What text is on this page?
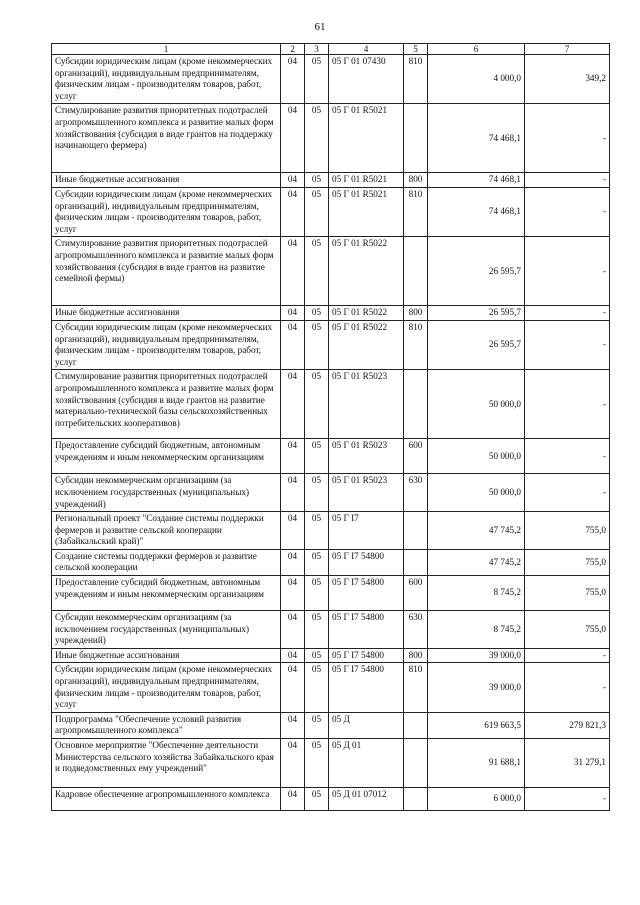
61
1	2	3	4	5	6	7
Субсидии юридическим лицам (кроме некоммерческих организаций), индивидуальным предпринимателям, физическим лицам - производителям товаров, работ, услуг	04	05	05 Г 01 07430	810	4 000,0	349,2
Стимулирование развития приоритетных подотраслей агропромышленного комплекса и развитие малых форм хозяйствования (субсидия в виде грантов на поддержку начинающего фермера)	04	05	05 Г 01 R5021		74 468,1	-
Иные бюджетные ассигнования	04	05	05 Г 01 R5021	800	74 468,1	-
Субсидии юридическим лицам (кроме некоммерческих организаций), индивидуальным предпринимателям, физическим лицам - производителям товаров, работ, услуг	04	05	05 Г 01 R5021	810	74 468,1	-
Стимулирование развития приоритетных подотраслей агропромышленного комплекса и развитие малых форм хозяйствования (субсидия в виде грантов на развитие семейной фермы)	04	05	05 Г 01 R5022		26 595,7	-
Иные бюджетные ассигнования	04	05	05 Г 01 R5022	800	26 595,7	-
Субсидии юридическим лицам (кроме некоммерческих организаций), индивидуальным предпринимателям, физическим лицам - производителям товаров, работ, услуг	04	05	05 Г 01 R5022	810	26 595,7	-
Стимулирование развития приоритетных подотраслей агропромышленного комплекса и развитие малых форм хозяйствования (субсидия в виде грантов на развитие материально-технической базы сельскохозяйственных потребительских кооперативов)	04	05	05 Г 01 R5023		50 000,0	-
Предоставление субсидий бюджетным, автономным учреждениям и иным некоммерческим организациям	04	05	05 Г 01 R5023	600	50 000,0	-
Субсидии некоммерческим организациям (за исключением государственных (муниципальных) учреждений)	04	05	05 Г 01 R5023	630	50 000,0	-
Региональный проект "Создание системы поддержки фермеров и развитие сельской кооперации (Забайкальский край)"	04	05	05 Г I7		47 745,2	755,0
Создание системы поддержки фермеров и развитие сельской кооперации	04	05	05 Г I7 54800		47 745,2	755,0
Предоставление субсидий бюджетным, автономным учреждениям и иным некоммерческим организациям	04	05	05 Г I7 54800	600	8 745,2	755,0
Субсидии некоммерческим организациям (за исключением государственных (муниципальных) учреждений)	04	05	05 Г I7 54800	630	8 745,2	755,0
Иные бюджетные ассигнования	04	05	05 Г I7 54800	800	39 000,0	-
Субсидии юридическим лицам (кроме некоммерческих организаций), индивидуальным предпринимателям, физическим лицам - производителям товаров, работ, услуг	04	05	05 Г I7 54800	810	39 000,0	-
Подпрограмма "Обеспечение условий развития агропромышленного комплекса"	04	05	05 Д		619 663,5	279 821,3
Основное мероприятие "Обеспечение деятельности Министерства сельского хозяйства Забайкальского края и подведомственных ему учреждений"	04	05	05 Д 01		91 688,1	31 279,1
Кадровое обеспечение агропромышленного комплекса	04	05	05 Д 01 07012		6 000,0	-
